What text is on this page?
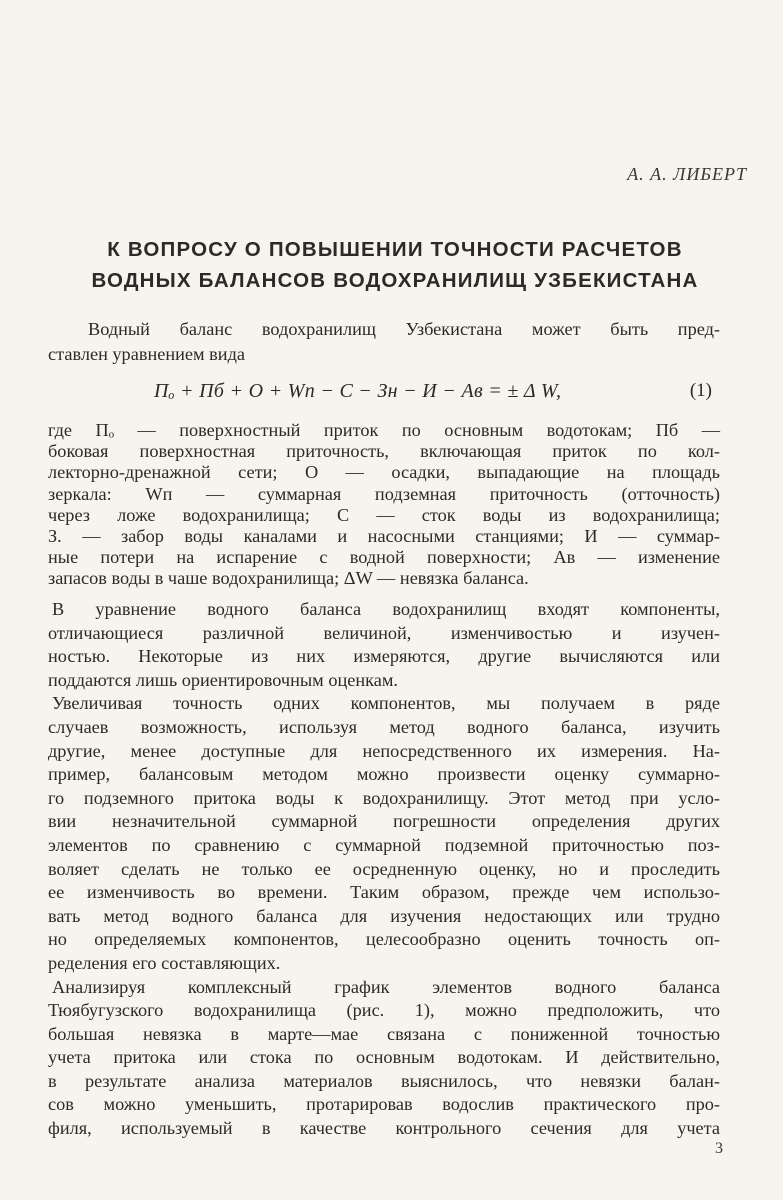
А. А. ЛИБЕРТ
К ВОПРОСУ О ПОВЫШЕНИИ ТОЧНОСТИ РАСЧЕТОВ
ВОДНЫХ БАЛАНСОВ ВОДОХРАНИЛИЩ УЗБЕКИСТАНА
Водный баланс водохранилищ Узбекистана может быть пред-
ставлен уравнением вида
Пₒ + Пб + О + Wп − С − Зн − И − Ав = ± Δ W,	(1)
где Пₒ — поверхностный приток по основным водотокам; Пб —
боковая поверхностная приточность, включающая приток по кол-
лекторно-дренажной сети; О — осадки, выпадающие на площадь
зеркала: Wп — суммарная подземная приточность (отточность)
через ложе водохранилища; С — сток воды из водохранилища;
З. — забор воды каналами и насосными станциями; И — суммар-
ные потери на испарение с водной поверхности; Ав — изменение
запасов воды в чаше водохранилища; ΔW — невязка баланса.
В уравнение водного баланса водохранилищ входят компоненты,
отличающиеся различной величиной, изменчивостью и изучен-
ностью. Некоторые из них измеряются, другие вычисляются или
поддаются лишь ориентировочным оценкам.
Увеличивая точность одних компонентов, мы получаем в ряде
случаев возможность, используя метод водного баланса, изучить
другие, менее доступные для непосредственного их измерения. На-
пример, балансовым методом можно произвести оценку суммарно-
го подземного притока воды к водохранилищу. Этот метод при усло-
вии незначительной суммарной погрешности определения других
элементов по сравнению с суммарной подземной приточностью поз-
воляет сделать не только ее осредненную оценку, но и проследить
ее изменчивость во времени. Таким образом, прежде чем использо-
вать метод водного баланса для изучения недостающих или трудно
но определяемых компонентов, целесообразно оценить точность оп-
ределения его составляющих.
Анализируя комплексный график элементов водного баланса
Тюябугузского водохранилища (рис. 1), можно предположить, что
большая невязка в марте—мае связана с пониженной точностью
учета притока или стока по основным водотокам. И действительно,
в результате анализа материалов выяснилось, что невязки балан-
сов можно уменьшить, протарировав водослив практического про-
филя, используемый в качестве контрольного сечения для учета
3
